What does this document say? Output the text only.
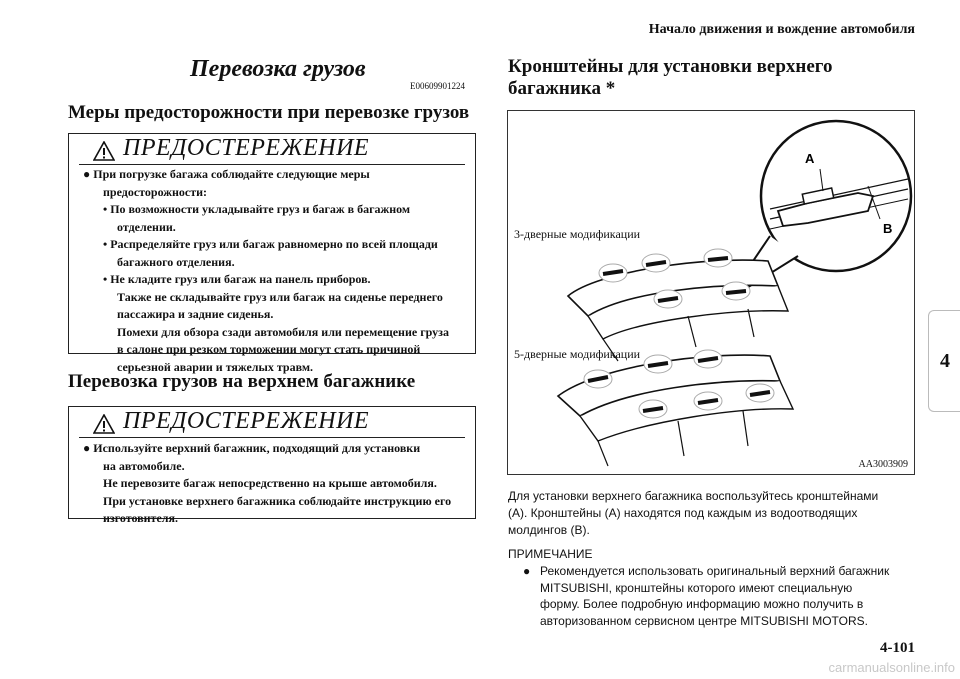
Начало движения и вождение автомобиля
4
4-101
carmanualsonline.info
Перевозка грузов
E00609901224
Меры предосторожности при перевозке грузов
ПРЕДОСТЕРЕЖЕНИЕ
● При погрузке багажа соблюдайте следующие меры
предосторожности:
• По возможности укладывайте груз и багаж в багажном
отделении.
• Распределяйте груз или багаж равномерно по всей площади
багажного отделения.
• Не кладите груз или багаж на панель приборов.
Также не складывайте груз или багаж на сиденье переднего
пассажира и задние сиденья.
Помехи для обзора сзади автомобиля или перемещение груза
в салоне при резком торможении могут стать причиной
серьезной аварии и тяжелых травм.
Перевозка грузов на верхнем багажнике
ПРЕДОСТЕРЕЖЕНИЕ
● Используйте верхний багажник, подходящий для установки
на автомобиле.
Не перевозите багаж непосредственно на крыше автомобиля.
При установке верхнего багажника соблюдайте инструкцию его
изготовителя.
Кронштейны для установки верхнего
багажника *
A
B
3-дверные модификации
5-дверные модификации
AA3003909
Для установки верхнего багажника воспользуйтесь кронштейнами
(A). Кронштейны (A) находятся под каждым из водоотводящих
молдингов (B).
ПРИМЕЧАНИЕ
● Рекомендуется использовать оригинальный верхний багажник
MITSUBISHI, кронштейны которого имеют специальную
форму. Более подробную информацию можно получить в
авторизованном сервисном центре MITSUBISHI MOTORS.
